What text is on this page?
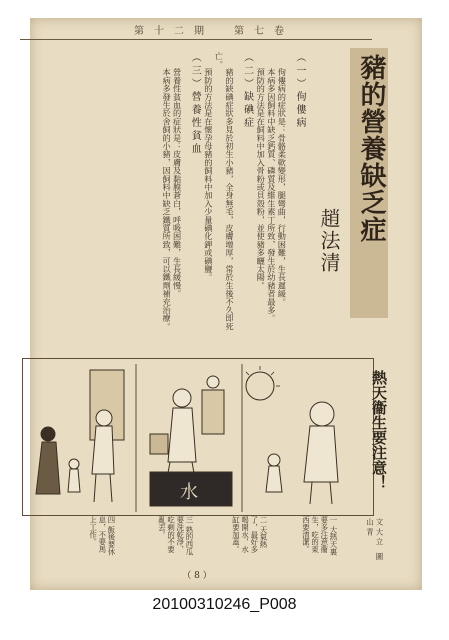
第十二期　第七卷
豬的營養缺乏症
趙法清
（一）佝僂病
佝僂病的症狀是：骨骼柔軟變形，腿彎曲，行動困難，生長遲緩。
本病多因飼料中缺乏鈣質、磷質及維生素丁所致，發生於幼豬者最多。
預防的方法是在飼料中加入骨粉或貝殼粉，並使豬多曬太陽。
（二）缺碘症
豬的缺碘症狀多見於初生小豬，全身無毛，皮膚增厚，常於生後不久即死亡。
預防的方法是在懷孕母豬的飼料中加入少量碘化鉀或碘鹽。
（三）營養性貧血
營養性貧血的症狀是：皮膚及黏膜蒼白，呼吸困難，生長緩慢。
本病多發生於舍飼的小豬，因飼料中缺乏鐵質所致，可以鐵劑補充治療。
水
熱天衞生要注意！
一 大熱天裏要多注意衞生，吃的東西要清潔。
二 天氣熱了，最好多喝開水，水缸要加蓋。
三 熟的西瓜要洗乾淨，吃剩的不要亂丟。
四 飯後要休息，不要馬上工作。	文 大 立　圖 山 青
（ 8 ）
20100310246_P008
